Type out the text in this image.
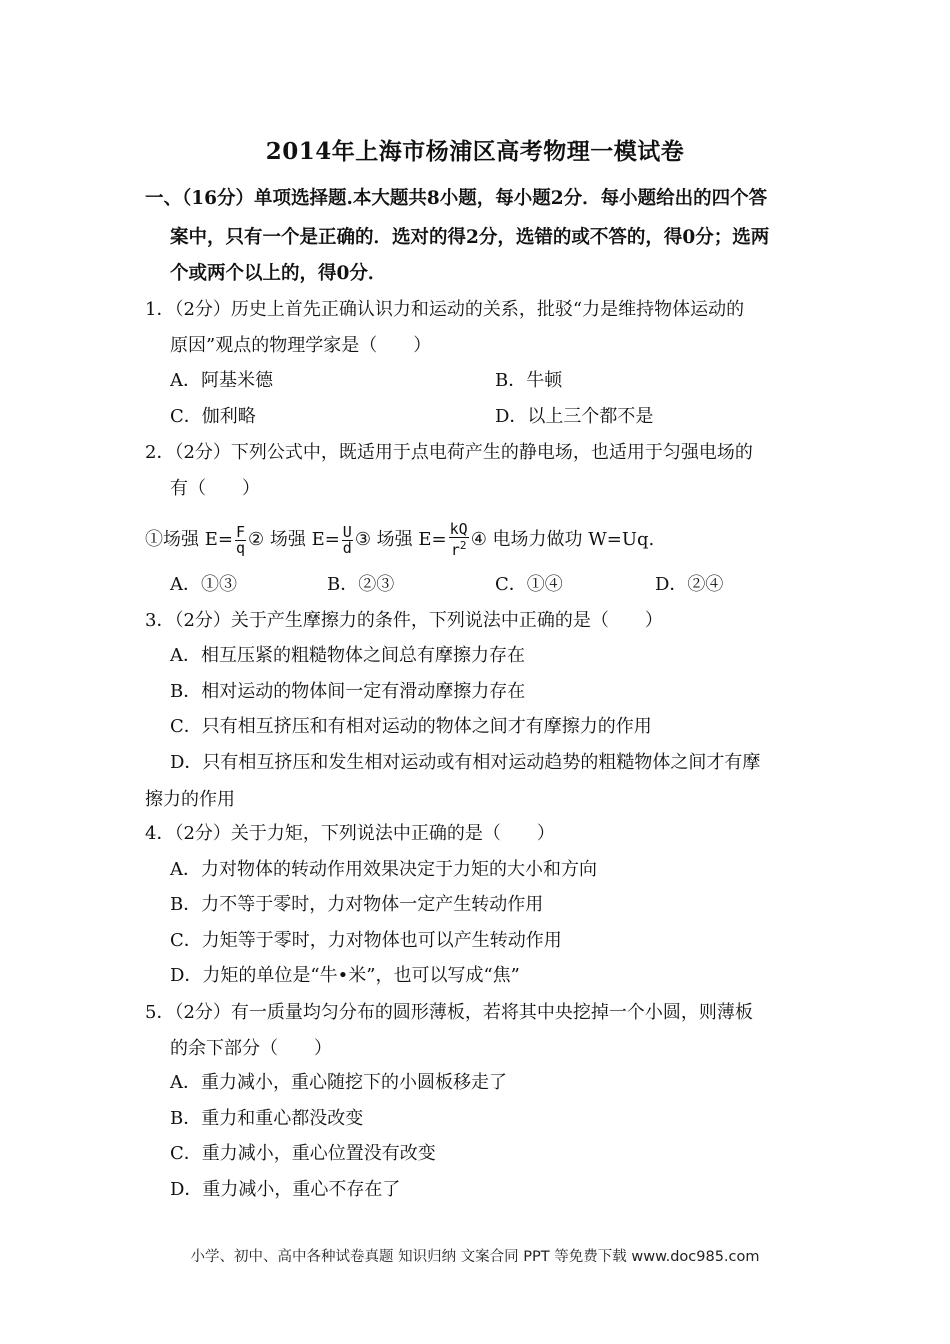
2014年上海市杨浦区高考物理一模试卷
一、（16分）单项选择题.本大题共8小题，每小题2分．每小题给出的四个答
案中，只有一个是正确的．选对的得2分，选错的或不答的，得0分；选两
个或两个以上的，得0分．
1．（2分）历史上首先正确认识力和运动的关系，批驳“力是维持物体运动的
原因”观点的物理学家是（　　）
A．阿基米德	B．牛顿
C．伽利略	D．以上三个都不是
2．（2分）下列公式中，既适用于点电荷产生的静电场，也适用于匀强电场的
有（　　）
①场强 $E= \frac{F}{q}$ ② 场强 $E= \frac{U}{d}$ ③ 场强 $E= \frac{kQ}{r^2}$ ④ 电场力做功 W=Uq.
A．①③	B．②③	C．①④	D．②④
3．（2分）关于产生摩擦力的条件，下列说法中正确的是（　　）
A．相互压紧的粗糙物体之间总有摩擦力存在
B．相对运动的物体间一定有滑动摩擦力存在
C．只有相互挤压和有相对运动的物体之间才有摩擦力的作用
D．只有相互挤压和发生相对运动或有相对运动趋势的粗糙物体之间才有摩
擦力的作用
4．（2分）关于力矩，下列说法中正确的是（　　）
A．力对物体的转动作用效果决定于力矩的大小和方向
B．力不等于零时，力对物体一定产生转动作用
C．力矩等于零时，力对物体也可以产生转动作用
D．力矩的单位是“牛•米”，也可以写成“焦”
5．（2分）有一质量均匀分布的圆形薄板，若将其中央挖掉一个小圆，则薄板
的余下部分（　　）
A．重力减小，重心随挖下的小圆板移走了
B．重力和重心都没改变
C．重力减小，重心位置没有改变
D．重力减小，重心不存在了
小学、初中、高中各种试卷真题 知识归纳 文案合同 PPT 等免费下载 www.doc985.com
